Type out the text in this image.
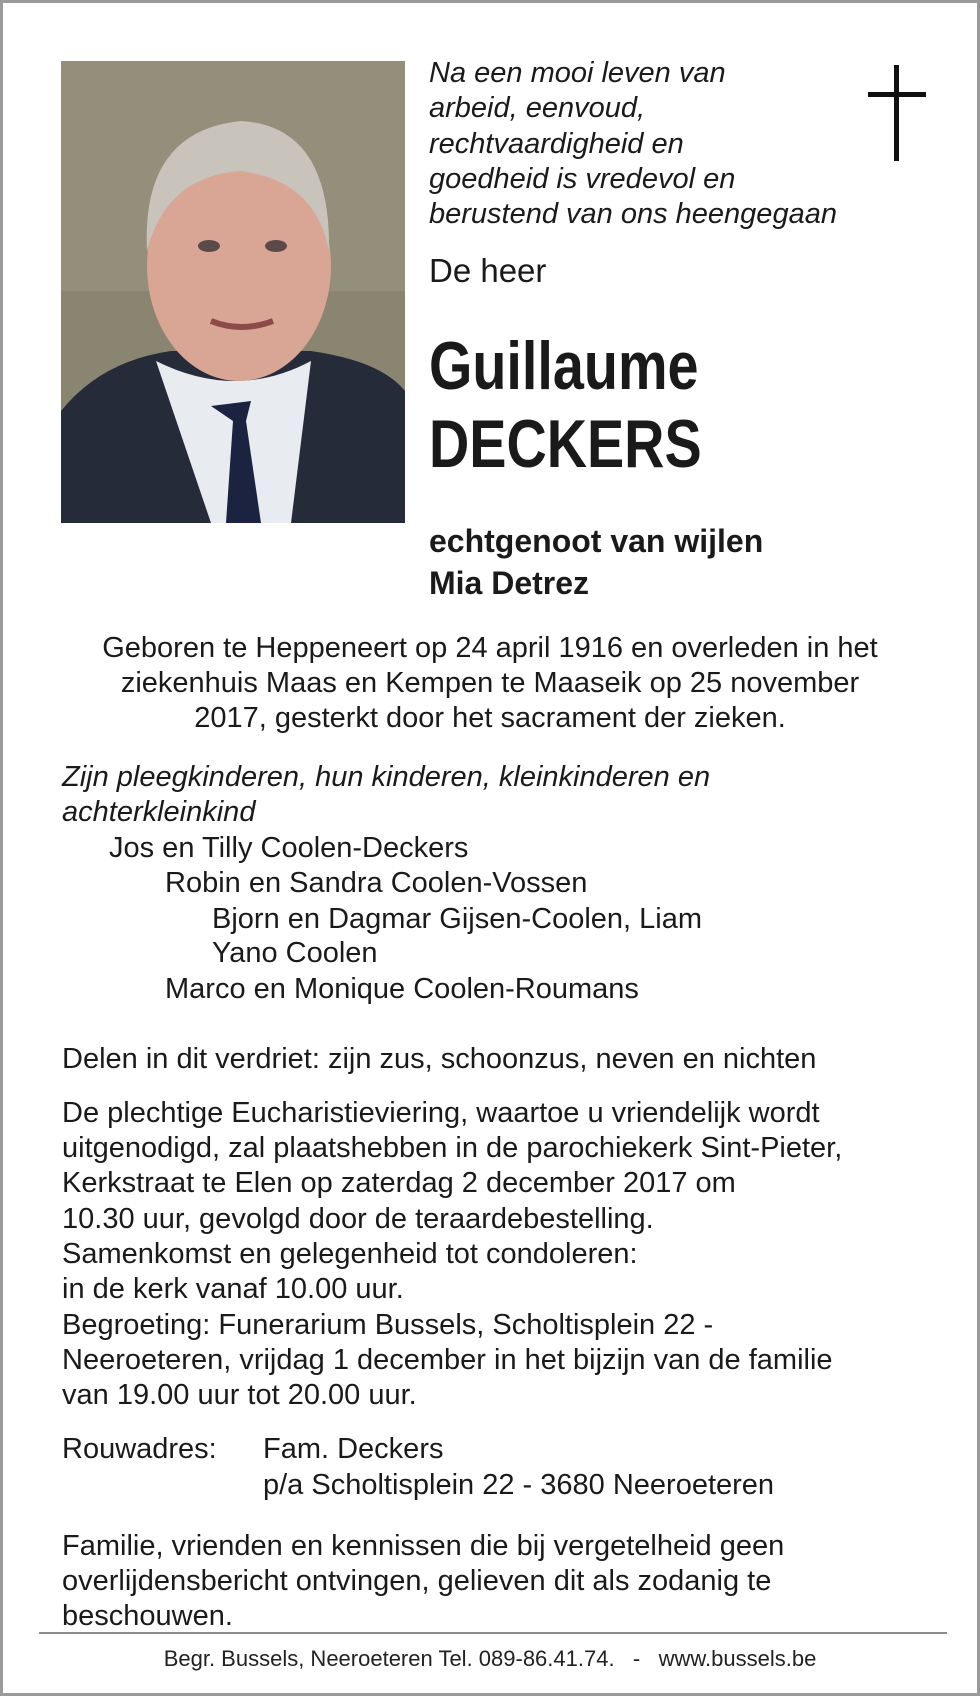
Na een mooi leven van
arbeid, eenvoud,
rechtvaardigheid en
goedheid is vredevol en
berustend van ons heengegaan
De heer
Guillaume
DECKERS
echtgenoot van wijlen
Mia Detrez
Geboren te Heppeneert op 24 april 1916 en overleden in het
ziekenhuis Maas en Kempen te Maaseik op 25 november
2017, gesterkt door het sacrament der zieken.
Zijn pleegkinderen, hun kinderen, kleinkinderen en
achterkleinkind
Jos en Tilly Coolen-Deckers
Robin en Sandra Coolen-Vossen
Bjorn en Dagmar Gijsen-Coolen, Liam
Yano Coolen
Marco en Monique Coolen-Roumans
Delen in dit verdriet: zijn zus, schoonzus, neven en nichten
De plechtige Eucharistieviering, waartoe u vriendelijk wordt
uitgenodigd, zal plaatshebben in de parochiekerk Sint-Pieter,
Kerkstraat te Elen op zaterdag 2 december 2017 om
10.30 uur, gevolgd door de teraardebestelling.
Samenkomst en gelegenheid tot condoleren:
in de kerk vanaf 10.00 uur.
Begroeting: Funerarium Bussels, Scholtisplein 22 -
Neeroeteren, vrijdag 1 december in het bijzijn van de familie
van 19.00 uur tot 20.00 uur.
Rouwadres: Fam. Deckers
p/a Scholtisplein 22 - 3680 Neeroeteren
Familie, vrienden en kennissen die bij vergetelheid geen
overlijdensbericht ontvingen, gelieven dit als zodanig te
beschouwen.
Begr. Bussels, Neeroeteren Tel. 089-86.41.74.   -   www.bussels.be
